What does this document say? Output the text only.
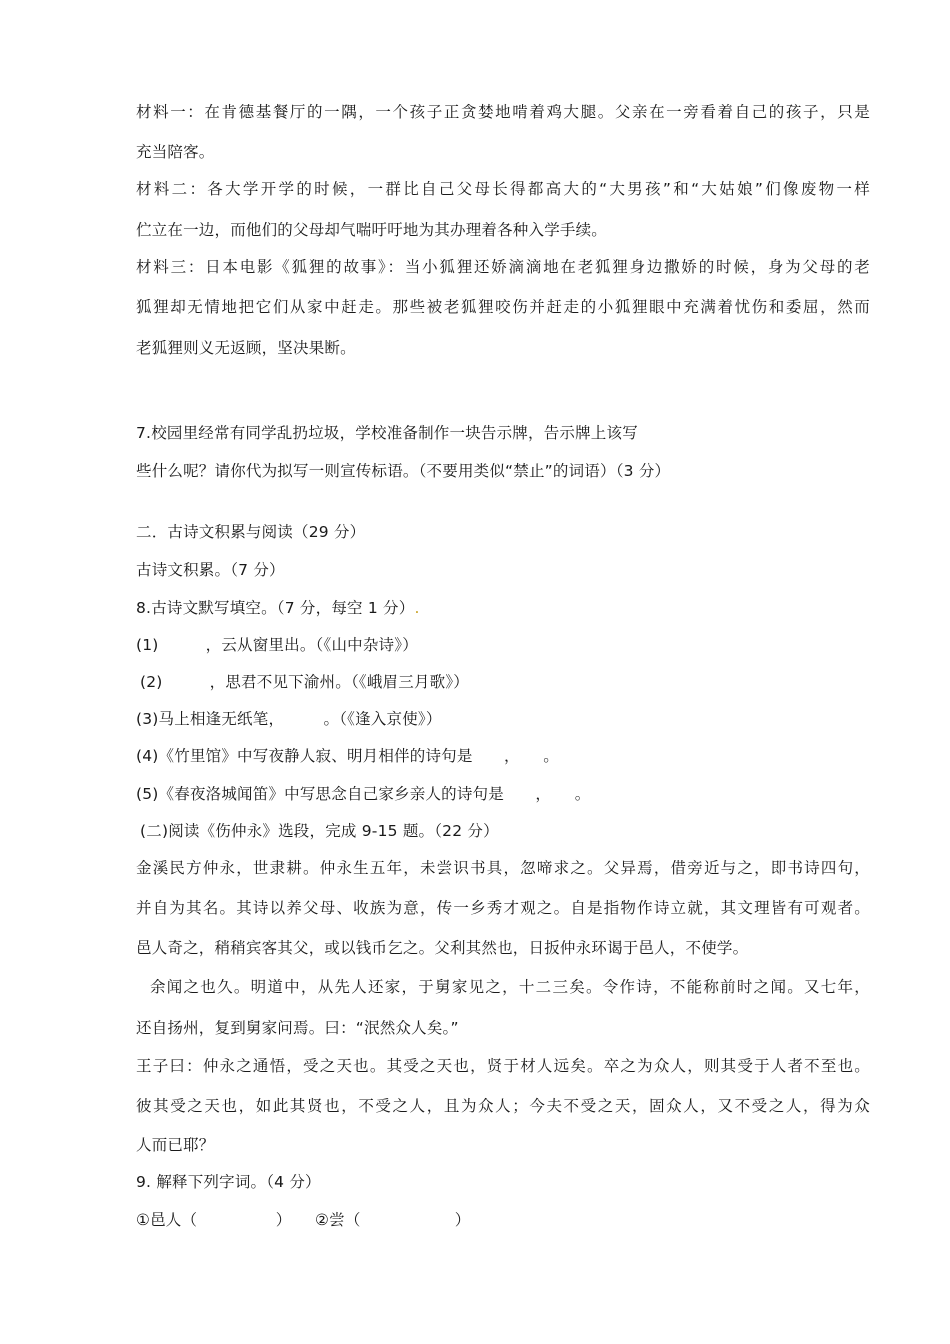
材料一：在肯德基餐厅的一隅，一个孩子正贪婪地啃着鸡大腿。父亲在一旁看着自己的孩子，只是
充当陪客。
材料二：各大学开学的时候，一群比自己父母长得都高大的“大男孩”和“大姑娘”们像废物一样
伫立在一边，而他们的父母却气喘吁吁地为其办理着各种入学手续。
材料三：日本电影《狐狸的故事》：当小狐狸还娇滴滴地在老狐狸身边撒娇的时候，身为父母的老
狐狸却无情地把它们从家中赶走。那些被老狐狸咬伤并赶走的小狐狸眼中充满着忧伤和委屈，然而
老狐狸则义无返顾，坚决果断。
7.校园里经常有同学乱扔垃圾，学校准备制作一块告示牌，告示牌上该写
些什么呢？请你代为拟写一则宣传标语。（不要用类似“禁止”的词语）（3 分）
二．古诗文积累与阅读（29 分）
古诗文积累。（7 分）
8.古诗文默写填空。（7 分，每空 1 分）.
(1)　　　，云从窗里出。（《山中杂诗》）
(2)　　　，思君不见下渝州。（《峨眉三月歌》）
(3)马上相逢无纸笔，　　　。（《逢入京使》）
(4)《竹里馆》中写夜静人寂、明月相伴的诗句是　　，　　。
(5)《春夜洛城闻笛》中写思念自己家乡亲人的诗句是　　，　　。
(二)阅读《伤仲永》选段，完成 9-15 题。（22 分）
金溪民方仲永，世隶耕。仲永生五年，未尝识书具，忽啼求之。父异焉，借旁近与之，即书诗四句，
并自为其名。其诗以养父母、收族为意，传一乡秀才观之。自是指物作诗立就，其文理皆有可观者。
邑人奇之，稍稍宾客其父，或以钱币乞之。父利其然也，日扳仲永环谒于邑人，不使学。
余闻之也久。明道中，从先人还家，于舅家见之，十二三矣。令作诗，不能称前时之闻。又七年，
还自扬州，复到舅家问焉。曰：“泯然众人矣。”
王子曰：仲永之通悟，受之天也。其受之天也，贤于材人远矣。卒之为众人，则其受于人者不至也。
彼其受之天也，如此其贤也，不受之人，且为众人；今夫不受之天，固众人，又不受之人，得为众
人而已耶？
9. 解释下列字词。（4 分）
①邑人（　　　　　）　　②尝（　　　　　　）
